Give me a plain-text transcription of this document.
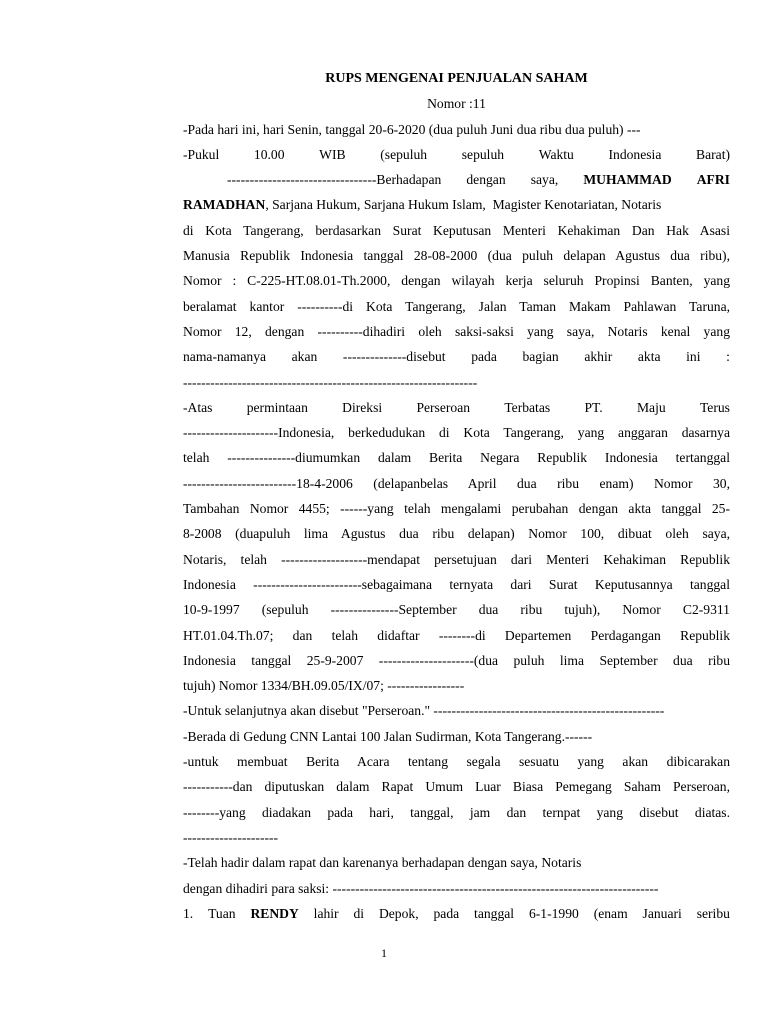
RUPS MENGENAI PENJUALAN SAHAM
Nomor :11
-Pada hari ini, hari Senin, tanggal 20-6-2020 (dua puluh Juni dua ribu dua puluh) ---
-Pukul	10.00	WIB	(sepuluh	sepuluh	Waktu	Indonesia	Barat)
---------------------------------Berhadapan dengan saya, MUHAMMAD AFRI
RAMADHAN, Sarjana Hukum, Sarjana Hukum Islam,  Magister Kenotariatan, Notaris
di Kota Tangerang, berdasarkan Surat Keputusan Menteri Kehakiman Dan Hak Asasi
Manusia Republik Indonesia tanggal 28-08-2000 (dua puluh delapan Agustus dua ribu),
Nomor : C-225-HT.08.01-Th.2000, dengan wilayah kerja seluruh Propinsi Banten, yang
beralamat kantor ----------di Kota Tangerang, Jalan Taman Makam Pahlawan Taruna,
Nomor 12, dengan ----------dihadiri oleh saksi-saksi yang saya, Notaris kenal yang
nama-namanya akan --------------disebut pada bagian akhir akta ini :
-----------------------------------------------------------------
-Atas	permintaan	Direksi	Perseroan	Terbatas	PT.	Maju	Terus
---------------------Indonesia, berkedudukan di Kota Tangerang, yang anggaran dasarnya
telah ---------------diumumkan dalam Berita Negara Republik Indonesia tertanggal
-------------------------18-4-2006 (delapanbelas April dua ribu enam) Nomor 30,
Tambahan Nomor 4455; ------yang telah mengalami perubahan dengan akta tanggal 25-
8-2008 (duapuluh lima Agustus dua ribu delapan) Nomor 100, dibuat oleh saya,
Notaris, telah -------------------mendapat persetujuan dari Menteri Kehakiman Republik
Indonesia ------------------------sebagaimana ternyata dari Surat Keputusannya tanggal
10-9-1997 (sepuluh ---------------September dua ribu tujuh), Nomor C2-9311
HT.01.04.Th.07; dan telah didaftar --------di Departemen Perdagangan Republik
Indonesia tanggal 25-9-2007 ---------------------(dua puluh lima September dua ribu
tujuh) Nomor 1334/BH.09.05/IX/07; -----------------
-Untuk selanjutnya akan disebut "Perseroan." ---------------------------------------------------
-Berada di Gedung CNN Lantai 100 Jalan Sudirman, Kota Tangerang.------
-untuk membuat Berita Acara tentang segala sesuatu yang akan dibicarakan
-----------dan diputuskan dalam Rapat Umum Luar Biasa Pemegang Saham Perseroan,
--------yang diadakan pada hari, tanggal, jam dan ternpat yang disebut diatas.
---------------------
-Telah hadir dalam rapat dan karenanya berhadapan dengan saya, Notaris
dengan dihadiri para saksi: ------------------------------------------------------------------------
1. Tuan RENDY lahir di Depok, pada tanggal 6-1-1990 (enam Januari seribu
1
